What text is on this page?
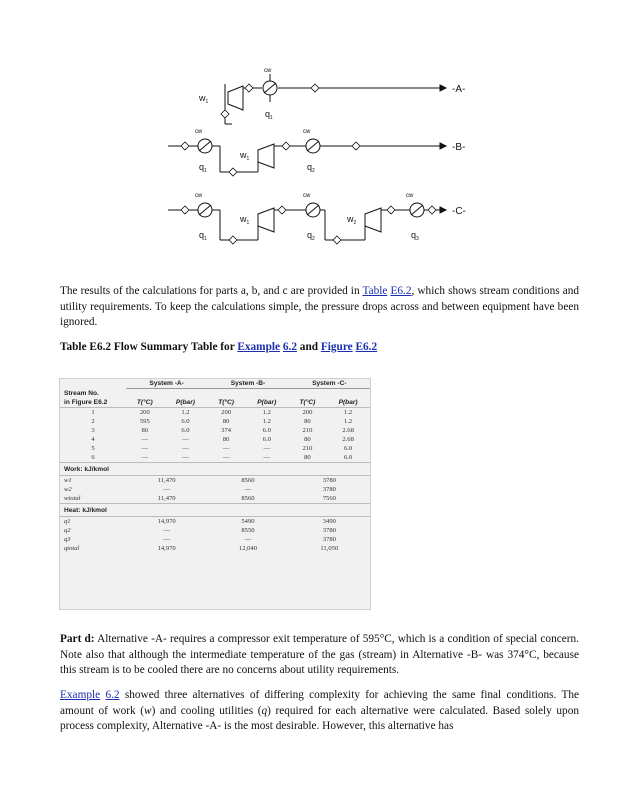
cw
cw	cw
cw	cw	cw
-A-
-B-
-C-
$w_1$
$q_1$
$q_1$
$w_1$
$q_2$
$q_1$
$w_1$
$q_2$
$w_2$
$q_3$

The results of the calculations for parts a, b, and c are provided in Table E6.2, which shows stream conditions and utility requirements. To keep the calculations simple, the pressure drops across and between equipment have been ignored.

Table E6.2 Flow Summary Table for Example 6.2 and Figure E6.2

	System -A-		System -B-		System -C-	
Stream No.						
in Figure E6.2	T(°C)	P(bar)	T(°C)	P(bar)	T(°C)	P(bar)
1	200	1.2	200	1.2	200	1.2
2	595	6.0	80	1.2	80	1.2
3	80	6.0	374	6.0	210	2.68
4	—	—	80	6.0	80	2.68
5	—	—	—	—	210	6.0
6	—	—	—	—	80	6.0
Work: kJ/kmol						
w1	11,470		8560		3780	
w2	—		—		3780	
wtotal	11,470		8560		7560	
Heat: kJ/kmol						
q1	14,970		5490		3490	
q2	—		8550		3780	
q3	—		—		3780	
qtotal	14,970		12,040		11,050	

Part d: Alternative -A- requires a compressor exit temperature of 595°C, which is a condition of special concern. Note also that although the intermediate temperature of the gas (stream) in Alternative -B- was 374°C, because this stream is to be cooled there are no concerns about utility requirements.

Example 6.2 showed three alternatives of differing complexity for achieving the same final conditions. The amount of work (w) and cooling utilities (q) required for each alternative were calculated. Based solely upon process complexity, Alternative -A- is the most desirable. However, this alternative has
